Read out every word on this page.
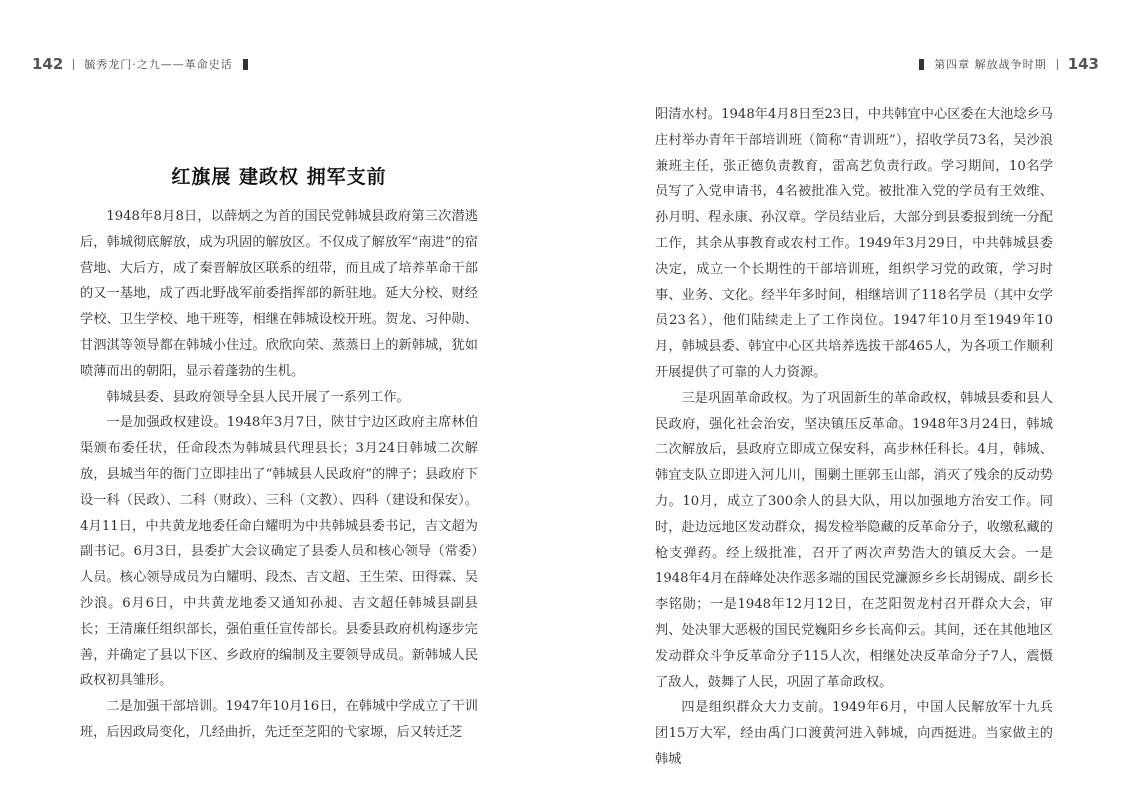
142 毓秀龙门·之九——革命史话	第四章 解放战争时期 143
红旗展 建政权 拥军支前

1948年8月8日，以薛炳之为首的国民党韩城县政府第三次潜逃后，韩城彻底解放，成为巩固的解放区。不仅成了解放军“南进”的宿营地、大后方，成了秦晋解放区联系的纽带，而且成了培养革命干部的又一基地，成了西北野战军前委指挥部的新驻地。延大分校、财经学校、卫生学校、地干班等，相继在韩城设校开班。贺龙、习仲勋、甘泗淇等领导都在韩城小住过。欣欣向荣、蒸蒸日上的新韩城，犹如喷薄而出的朝阳，显示着蓬勃的生机。

韩城县委、县政府领导全县人民开展了一系列工作。

一是加强政权建设。1948年3月7日，陕甘宁边区政府主席林伯渠颁布委任状，任命段杰为韩城县代理县长；3月24日韩城二次解放，县城当年的衙门立即挂出了“韩城县人民政府”的牌子；县政府下设一科（民政）、二科（财政）、三科（文教）、四科（建设和保安）。4月11日，中共黄龙地委任命白耀明为中共韩城县委书记，吉文超为副书记。6月3日，县委扩大会议确定了县委人员和核心领导（常委）人员。核心领导成员为白耀明、段杰、吉文超、王生荣、田得霖、吴沙浪。6月6日，中共黄龙地委又通知孙昶、吉文超任韩城县副县长；王清廉任组织部长，强伯重任宣传部长。县委县政府机构逐步完善，并确定了县以下区、乡政府的编制及主要领导成员。新韩城人民政权初具雏形。

二是加强干部培训。1947年10月16日，在韩城中学成立了干训班，后因政局变化，几经曲折，先迁至芝阳的弋家塬，后又转迁芝

阳清水村。1948年4月8日至23日，中共韩宜中心区委在大池埝乡马庄村举办青年干部培训班（简称“青训班”），招收学员73名，吴沙浪兼班主任，张正德负责教育，雷高艺负责行政。学习期间，10名学员写了入党申请书，4名被批准入党。被批准入党的学员有王效维、孙月明、程永康、孙汉章。学员结业后，大部分到县委报到统一分配工作，其余从事教育或农村工作。1949年3月29日，中共韩城县委决定，成立一个长期性的干部培训班，组织学习党的政策，学习时事、业务、文化。经半年多时间，相继培训了118名学员（其中女学员23名），他们陆续走上了工作岗位。1947年10月至1949年10月，韩城县委、韩宜中心区共培养选拔干部465人，为各项工作顺利开展提供了可靠的人力资源。

三是巩固革命政权。为了巩固新生的革命政权，韩城县委和县人民政府，强化社会治安，坚决镇压反革命。1948年3月24日，韩城二次解放后，县政府立即成立保安科，高步林任科长。4月，韩城、韩宜支队立即进入河儿川，围剿土匪郭玉山部，消灭了残余的反动势力。10月，成立了300余人的县大队，用以加强地方治安工作。同时，赴边远地区发动群众，揭发检举隐藏的反革命分子，收缴私藏的枪支弹药。经上级批准，召开了两次声势浩大的镇反大会。一是1948年4月在薛峰处决作恶多端的国民党濂源乡乡长胡锡成、副乡长李铭勋；一是1948年12月12日，在芝阳贺龙村召开群众大会，审判、处决罪大恶极的国民党巍阳乡乡长高仰云。其间，还在其他地区发动群众斗争反革命分子115人次，相继处决反革命分子7人，震慑了敌人，鼓舞了人民，巩固了革命政权。

四是组织群众大力支前。1949年6月，中国人民解放军十九兵团15万大军，经由禹门口渡黄河进入韩城，向西挺进。当家做主的韩城
